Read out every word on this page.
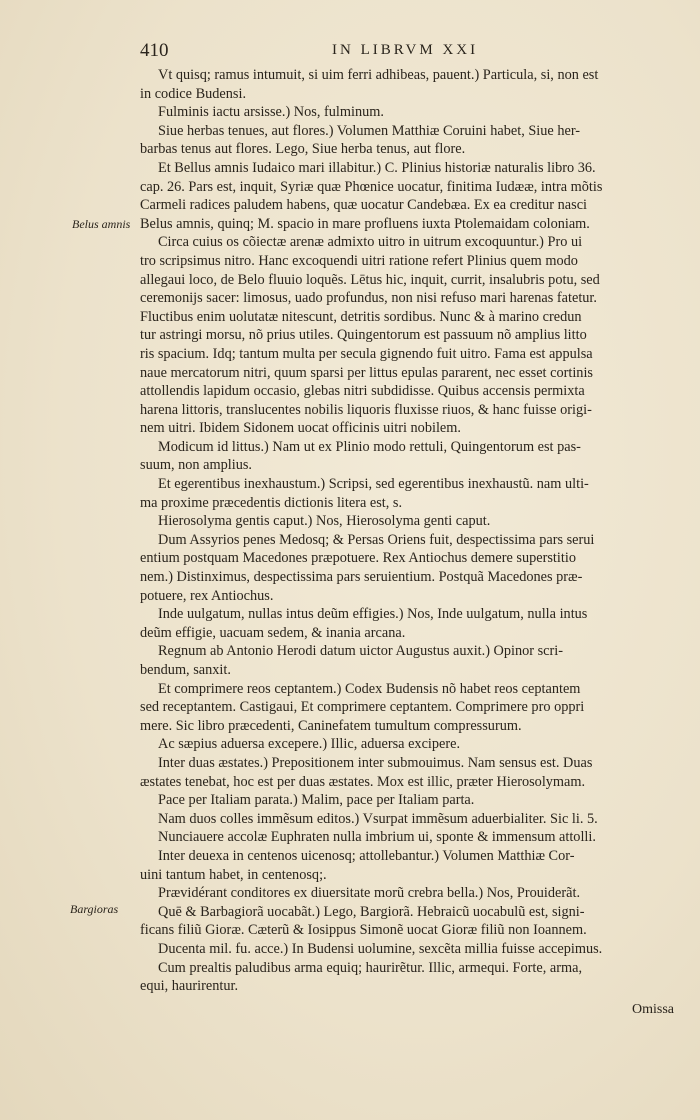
410	IN LIBRVM XXI
Vt quisq; ramus intumuit, si uim ferri adhibeas, pauent.) Particula, si, non est
in codice Budensi.
Fulminis iactu arsisse.) Nos, fulminum.
Siue herbas tenues, aut flores.) Volumen Matthiæ Coruini habet, Siue her-
barbas tenus aut flores. Lego, Siue herba tenus, aut flore.
Et Bellus amnis Iudaico mari illabitur.) C. Plinius historiæ naturalis libro 36.
cap. 26. Pars est, inquit, Syriæ quæ Phœnice uocatur, finitima Iudææ, intra mõtis
Carmeli radices paludem habens, quæ uocatur Candebæa. Ex ea creditur nasci
Belus amnis, quinq; M. spacio in mare profluens iuxta Ptolemaidam coloniam.
Circa cuius os cõiectæ arenæ admixto uitro in uitrum excoquuntur.) Pro ui
tro scripsimus nitro. Hanc excoquendi uitri ratione refert Plinius quem modo
allegaui loco, de Belo fluuio loquẽs. Lētus hic, inquit, currit, insalubris potu, sed
ceremonijs sacer: limosus, uado profundus, non nisi refuso mari harenas fatetur.
Fluctibus enim uolutatæ nitescunt, detritis sordibus. Nunc & à marino credun
tur astringi morsu, nõ prius utiles. Quingentorum est passuum nõ amplius litto
ris spacium. Idq; tantum multa per secula gignendo fuit uitro. Fama est appulsa
naue mercatorum nitri, quum sparsi per littus epulas pararent, nec esset cortinis
attollendis lapidum occasio, glebas nitri subdidisse. Quibus accensis permixta
harena littoris, translucentes nobilis liquoris fluxisse riuos, & hanc fuisse origi-
nem uitri. Ibidem Sidonem uocat officinis uitri nobilem.
Modicum id littus.) Nam ut ex Plinio modo rettuli, Quingentorum est pas-
suum, non amplius.
Et egerentibus inexhaustum.) Scripsi, sed egerentibus inexhaustũ. nam ulti-
ma proxime præcedentis dictionis litera est, s.
Hierosolyma gentis caput.) Nos, Hierosolyma genti caput.
Dum Assyrios penes Medosq; & Persas Oriens fuit, despectissima pars serui
entium postquam Macedones præpotuere. Rex Antiochus demere superstitio
nem.) Distinximus, despectissima pars seruientium. Postquã Macedones præ-
potuere, rex Antiochus.
Inde uulgatum, nullas intus deũm effigies.) Nos, Inde uulgatum, nulla intus
deũm effigie, uacuam sedem, & inania arcana.
Regnum ab Antonio Herodi datum uictor Augustus auxit.) Opinor scri-
bendum, sanxit.
Et comprimere reos ceptantem.) Codex Budensis nõ habet reos ceptantem
sed receptantem. Castigaui, Et comprimere ceptantem. Comprimere pro oppri
mere. Sic libro præcedenti, Caninefatem tumultum compressurum.
Ac sæpius aduersa excepere.) Illic, aduersa excipere.
Inter duas æstates.) Prepositionem inter submouimus. Nam sensus est. Duas
æstates tenebat, hoc est per duas æstates. Mox est illic, præter Hierosolymam.
Pace per Italiam parata.) Malim, pace per Italiam parta.
Nam duos colles immẽsum editos.) Vsurpat immẽsum aduerbialiter. Sic li. 5.
Nunciauere accolæ Euphraten nulla imbrium ui, sponte & immensum attolli.
Inter deuexa in centenos uicenosq; attollebantur.) Volumen Matthiæ Cor-
uini tantum habet, in centenosq;.
Prævidérant conditores ex diuersitate morũ crebra bella.) Nos, Prouiderãt.
Quē & Barbagiorã uocabãt.) Lego, Bargiorã. Hebraicũ uocabulũ est, signi-
ficans filiũ Gioræ. Cæterũ & Iosippus Simonẽ uocat Gioræ filiũ non Ioannem.
Ducenta mil. fu. acce.) In Budensi uolumine, sexcẽta millia fuisse accepimus.
Cum prealtis paludibus arma equiq; haurirẽtur. Illic, armequi. Forte, arma,
equi, haurirentur.
Belus amnis
Bargioras
Omissa
